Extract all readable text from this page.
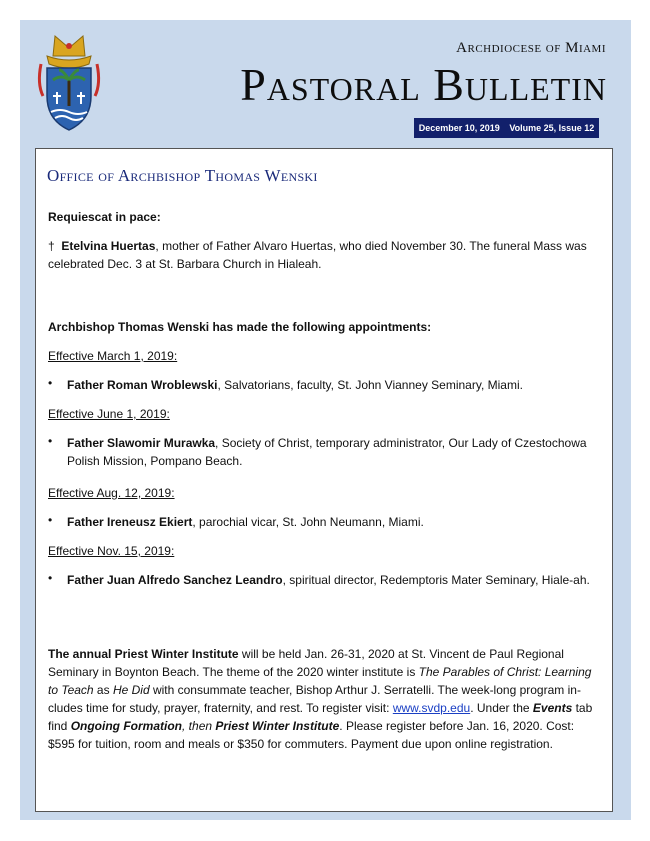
Archdiocese of Miami
Pastoral Bulletin
December 10, 2019 Volume 25, Issue 12
Office of Archbishop Thomas Wenski
Requiescat in pace:
† Etelvina Huertas, mother of Father Alvaro Huertas, who died November 30. The funeral Mass was celebrated Dec. 3 at St. Barbara Church in Hialeah.
Archbishop Thomas Wenski has made the following appointments:
Effective March 1, 2019:
• Father Roman Wroblewski, Salvatorians, faculty, St. John Vianney Seminary, Miami.
Effective June 1, 2019:
• Father Slawomir Murawka, Society of Christ, temporary administrator, Our Lady of Czestochowa Polish Mission, Pompano Beach.
Effective Aug. 12, 2019:
• Father Ireneusz Ekiert, parochial vicar, St. John Neumann, Miami.
Effective Nov. 15, 2019:
• Father Juan Alfredo Sanchez Leandro, spiritual director, Redemptoris Mater Seminary, Hiale-ah.
The annual Priest Winter Institute will be held Jan. 26-31, 2020 at St. Vincent de Paul Regional Seminary in Boynton Beach. The theme of the 2020 winter institute is The Parables of Christ: Learning to Teach as He Did with consummate teacher, Bishop Arthur J. Serratelli. The week-long program in-cludes time for study, prayer, fraternity, and rest. To register visit: www.svdp.edu. Under the Events tab find Ongoing Formation, then Priest Winter Institute. Please register before Jan. 16, 2020. Cost: $595 for tuition, room and meals or $350 for commuters. Payment due upon online registration.
